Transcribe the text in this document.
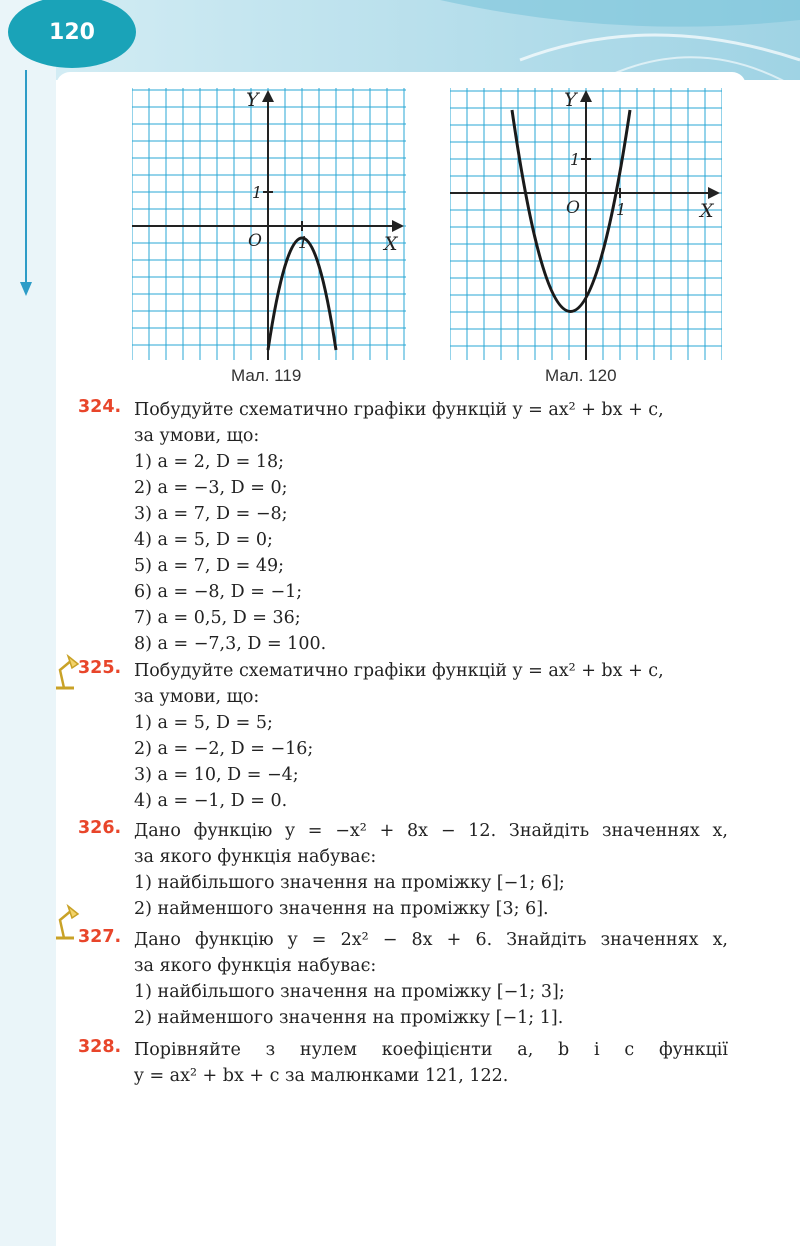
120
Y
X
O 1
1
Мал. 119
Y
X
O 1
1
Мал. 120
324. Побудуйте схематично графіки функцій y = ax² + bx + c,
за умови, що:
1) a = 2, D = 18;
2) a = −3, D = 0;
3) a = 7, D = −8;
4) a = 5, D = 0;
5) a = 7, D = 49;
6) a = −8, D = −1;
7) a = 0,5, D = 36;
8) a = −7,3, D = 100.
325. Побудуйте схематично графіки функцій y = ax² + bx + c,
за умови, що:
1) a = 5, D = 5;
2) a = −2, D = −16;
3) a = 10, D = −4;
4) a = −1, D = 0.
326. Дано функцію y = −x² + 8x − 12. Знайдіть значеннях x,
за якого функція набуває:
1) найбільшого значення на проміжку [−1; 6];
2) найменшого значення на проміжку [3; 6].
327. Дано функцію y = 2x² − 8x + 6. Знайдіть значеннях x,
за якого функція набуває:
1) найбільшого значення на проміжку [−1; 3];
2) найменшого значення на проміжку [−1; 1].
328. Порівняйте з нулем коефіцієнти a, b і c функції
y = ax² + bx + c за малюнками 121, 122.
